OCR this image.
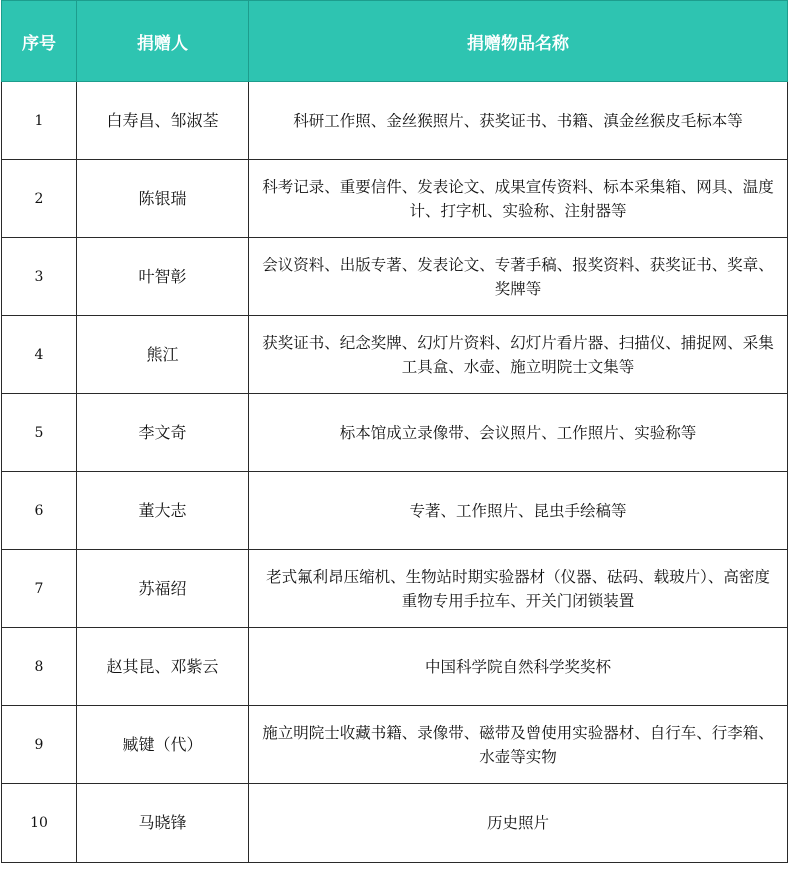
序号	捐赠人	捐赠物品名称
1	白寿昌、邹淑荃	科研工作照、金丝猴照片、获奖证书、书籍、滇金丝猴皮毛标本等
2	陈银瑞	科考记录、重要信件、发表论文、成果宣传资料、标本采集箱、网具、温度计、打字机、实验称、注射器等
3	叶智彰	会议资料、出版专著、发表论文、专著手稿、报奖资料、获奖证书、奖章、奖牌等
4	熊江	获奖证书、纪念奖牌、幻灯片资料、幻灯片看片器、扫描仪、捕捉网、采集工具盒、水壶、施立明院士文集等
5	李文奇	标本馆成立录像带、会议照片、工作照片、实验称等
6	董大志	专著、工作照片、昆虫手绘稿等
7	苏福绍	老式氟利昂压缩机、生物站时期实验器材（仪器、砝码、载玻片）、高密度重物专用手拉车、开关门闭锁装置
8	赵其昆、邓紫云	中国科学院自然科学奖奖杯
9	臧键（代）	施立明院士收藏书籍、录像带、磁带及曾使用实验器材、自行车、行李箱、水壶等实物
10	马晓锋	历史照片
